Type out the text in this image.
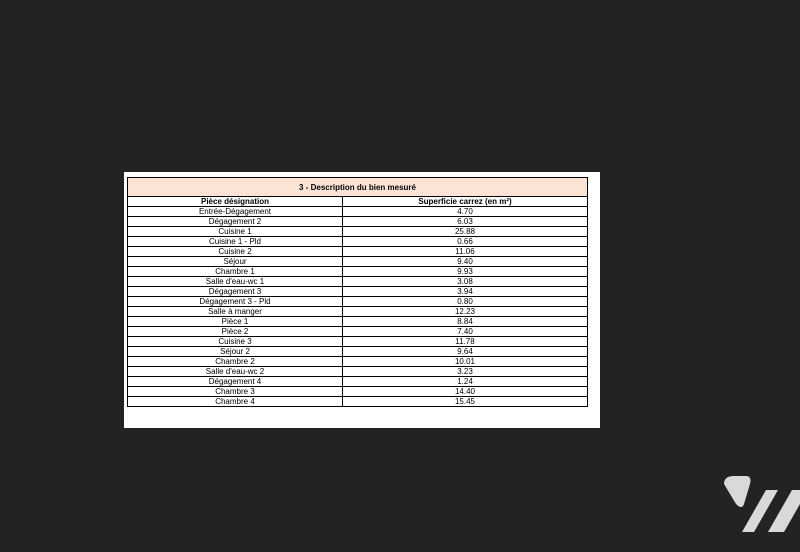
3 - Description du bien mesuré	
Pièce désignation	Superficie carrez (en m²)
Entrée-Dégagement	4.70
Dégagement 2	6.03
Cuisine 1	25.88
Cuisine 1 - Pld	0.66
Cuisine 2	11.06
Séjour	9.40
Chambre 1	9.93
Salle d'eau-wc 1	3.08
Dégagement 3	3.94
Dégagement 3 - Pld	0.80
Salle à manger	12.23
Pièce 1	8.84
Pièce 2	7.40
Cuisine 3	11.78
Séjour 2	9.64
Chambre 2	10.01
Salle d'eau-wc 2	3.23
Dégagement 4	1.24
Chambre 3	14.40
Chambre 4	15.45
